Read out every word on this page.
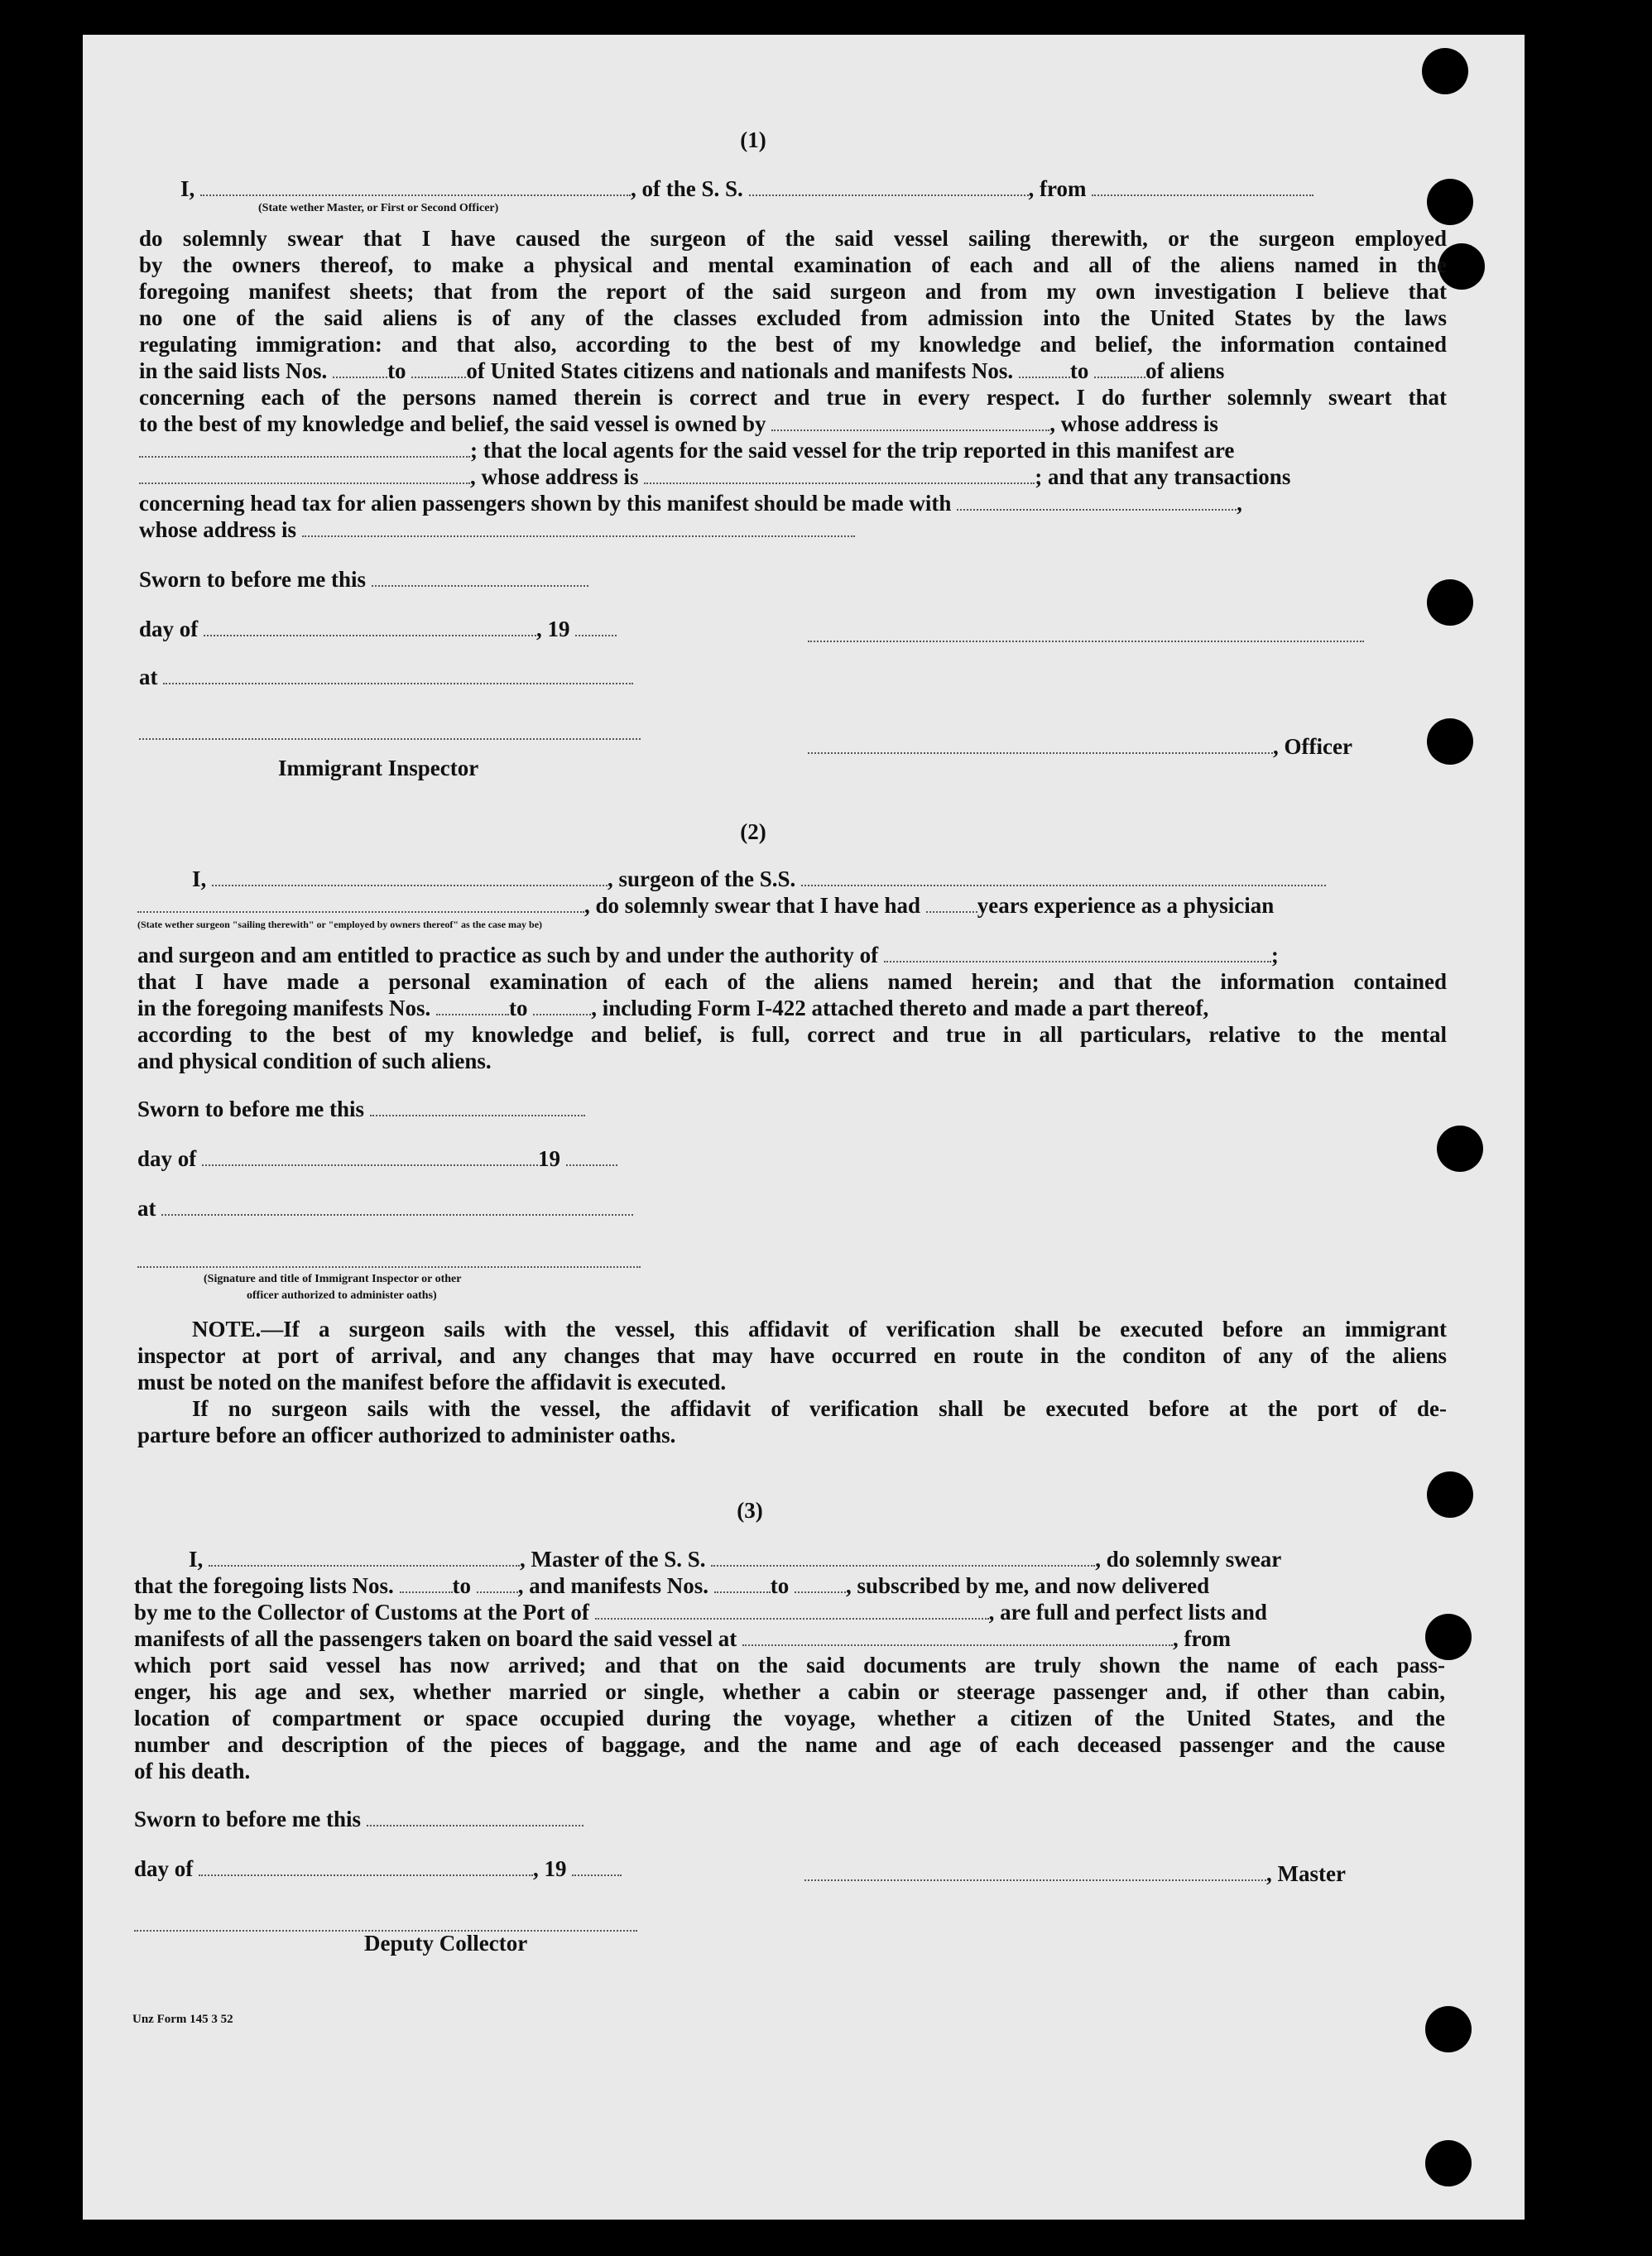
(1)
I,	, of the S. S.	, from
(State wether Master, or First or Second Officer)
do solemnly swear that I have caused the surgeon of the said vessel sailing therewith, or the surgeon employed
by the owners thereof, to make a physical and mental examination of each and all of the aliens named in the
foregoing manifest sheets; that from the report of the said surgeon and from my own investigation I believe that
no one of the said aliens is of any of the classes excluded from admission into the United States by the laws
regulating immigration: and that also, according to the best of my knowledge and belief, the information contained
in the said lists Nos.	to	of United States citizens and nationals and manifests Nos.	to	of aliens
concerning each of the persons named therein is correct and true in every respect. I do further solemnly sweart that
to the best of my knowledge and belief, the said vessel is owned by	, whose address is
; that the local agents for the said vessel for the trip reported in this manifest are
, whose address is	; and that any transactions
concerning head tax for alien passengers shown by this manifest should be made with	,
whose address is
Sworn to before me this
day of	, 19
at
Immigrant Inspector
, Officer
(2)
I,	, surgeon of the S.S.
, do solemnly swear that I have had	years experience as a physician
(State wether surgeon "sailing therewith" or "employed by owners thereof" as the case may be)
and surgeon and am entitled to practice as such by and under the authority of	;
that I have made a personal examination of each of the aliens named herein; and that the information contained
in the foregoing manifests Nos.	to	, including Form I-422 attached thereto and made a part thereof,
according to the best of my knowledge and belief, is full, correct and true in all particulars, relative to the mental
and physical condition of such aliens.
Sworn to before me this
day of	19
at
(Signature and title of Immigrant Inspector or other
officer authorized to administer oaths)
NOTE.—If a surgeon sails with the vessel, this affidavit of verification shall be executed before an immigrant
inspector at port of arrival, and any changes that may have occurred en route in the conditon of any of the aliens
must be noted on the manifest before the affidavit is executed.
If no surgeon sails with the vessel, the affidavit of verification shall be executed before at the port of de-
parture before an officer authorized to administer oaths.
(3)
I,	, Master of the S. S.	, do solemnly swear
that the foregoing lists Nos.	to , and manifests Nos.	to	, subscribed by me, and now delivered
by me to the Collector of Customs at the Port of	, are full and perfect lists and
manifests of all the passengers taken on board the said vessel at	, from
which port said vessel has now arrived; and that on the said documents are truly shown the name of each pass-
enger, his age and sex, whether married or single, whether a cabin or steerage passenger and, if other than cabin,
location of compartment or space occupied during the voyage, whether a citizen of the United States, and the
number and description of the pieces of baggage, and the name and age of each deceased passenger and the cause
of his death.
Sworn to before me this
day of	, 19	, Master
Deputy Collector
Unz Form 145 3 52
